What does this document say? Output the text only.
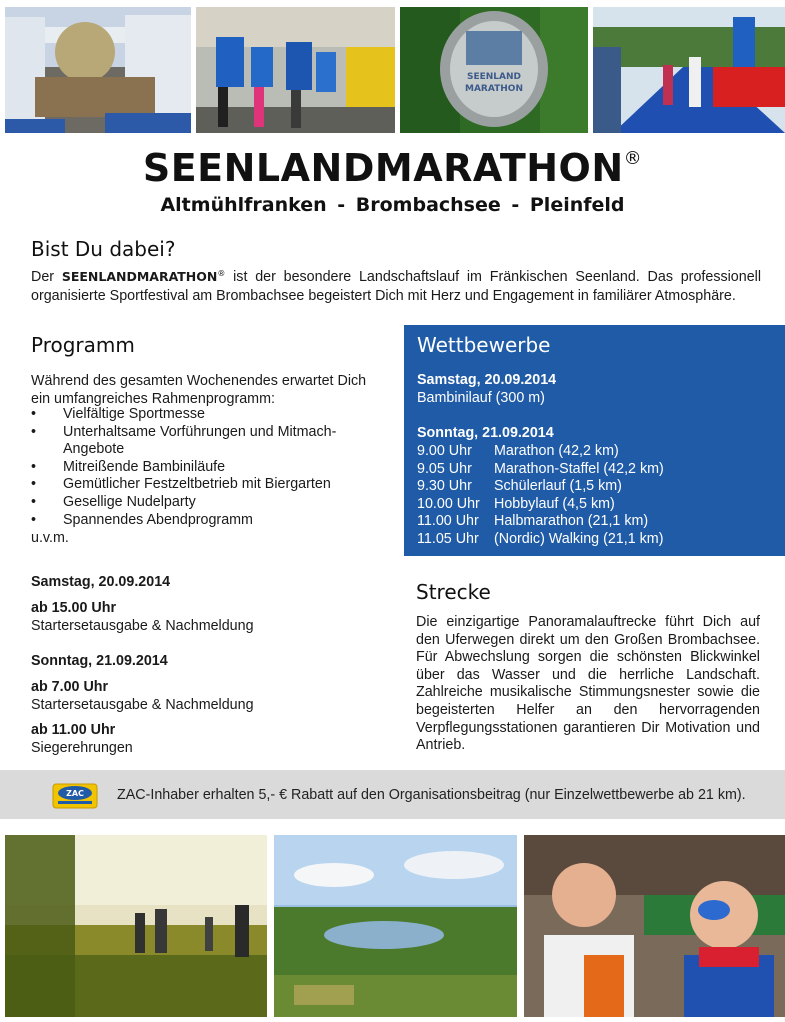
SEENLAND
MARATHON
SEENLANDMARATHON®
Altmühlfranken - Brombachsee - Pleinfeld
Bist Du dabei?
Der SEENLANDMARATHON® ist der besondere Landschaftslauf im Fränkischen Seenland. Das professionell organisierte Sportfestival am Brombachsee begeistert Dich mit Herz und Engagement in familiärer Atmosphäre.
Programm
Während des gesamten Wochenendes erwartet Dich ein umfangreiches Rahmenprogramm:
• Vielfältige Sportmesse
• Unterhaltsame Vorführungen und Mitmach-Angebote
• Mitreißende Bambiniläufe
• Gemütlicher Festzeltbetrieb mit Biergarten
• Gesellige Nudelparty
• Spannendes Abendprogramm
u.v.m.
Samstag, 20.09.2014
ab 15.00 Uhr
Startersetausgabe & Nachmeldung
Sonntag, 21.09.2014
ab 7.00 Uhr
Startersetausgabe & Nachmeldung
ab 11.00 Uhr
Siegerehrungen
Wettbewerbe
Samstag, 20.09.2014
Bambinilauf (300 m)
Sonntag, 21.09.2014
9.00 Uhr Marathon (42,2 km)
9.05 Uhr Marathon-Staffel (42,2 km)
9.30 Uhr Schülerlauf (1,5 km)
10.00 Uhr Hobbylauf (4,5 km)
11.00 Uhr Halbmarathon (21,1 km)
11.05 Uhr (Nordic) Walking (21,1 km)
Strecke
Die einzigartige Panoramalauftrecke führt Dich auf den Uferwegen direkt um den Großen Brombachsee. Für Abwechslung sorgen die schönsten Blickwinkel über das Wasser und die herrliche Landschaft. Zahlreiche musikalische Stimmungsnester sowie die begeisterten Helfer an den hervorragenden Verpflegungsstationen garantieren Dir Motivation und Antrieb.
ZAC ZAC-Inhaber erhalten 5,- € Rabatt auf den Organisationsbeitrag (nur Einzelwettbewerbe ab 21 km).
